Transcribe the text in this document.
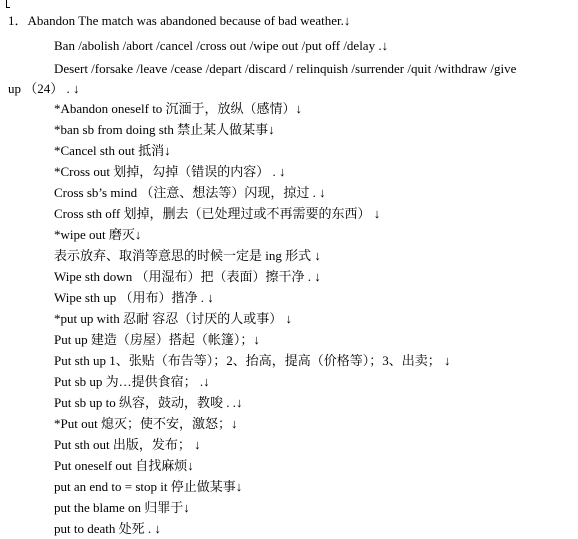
1．Abandon The match was abandoned because of bad weather.↓
Ban /abolish /abort /cancel /cross out /wipe out /put off /delay .↓
Desert /forsake /leave /cease /depart /discard / relinquish /surrender /quit /withdraw /give
up （24） . ↓
*Abandon oneself to 沉湎于，放纵（感情）↓
*ban sb from doing sth 禁止某人做某事↓
*Cancel sth out 抵消↓
*Cross out 划掉，勾掉（错误的内容） . ↓
Cross sb’s mind （注意、想法等）闪现，掠过 . ↓
Cross sth off 划掉，删去（已处理过或不再需要的东西） ↓
*wipe out 磨灭↓
表示放弃、取消等意思的时候一定是 ing 形式 ↓
Wipe sth down （用湿布）把（表面）擦干净 . ↓
Wipe sth up （用布）揩净 . ↓
*put up with 忍耐 容忍（讨厌的人或事） ↓
Put up 建造（房屋）搭起（帐篷）；↓
Put sth up 1、张贴（布告等）；2、抬高，提高（价格等）；3、出卖； ↓
Put sb up 为…提供食宿； .↓
Put sb up to 纵容，鼓动，教唆 . .↓
*Put out 熄灭；使不安，激怒；↓
Put sth out 出版，发布； ↓
Put oneself out 自找麻烦↓
put an end to = stop it 停止做某事↓
put the blame on 归罪于↓
put to death 处死 . ↓
